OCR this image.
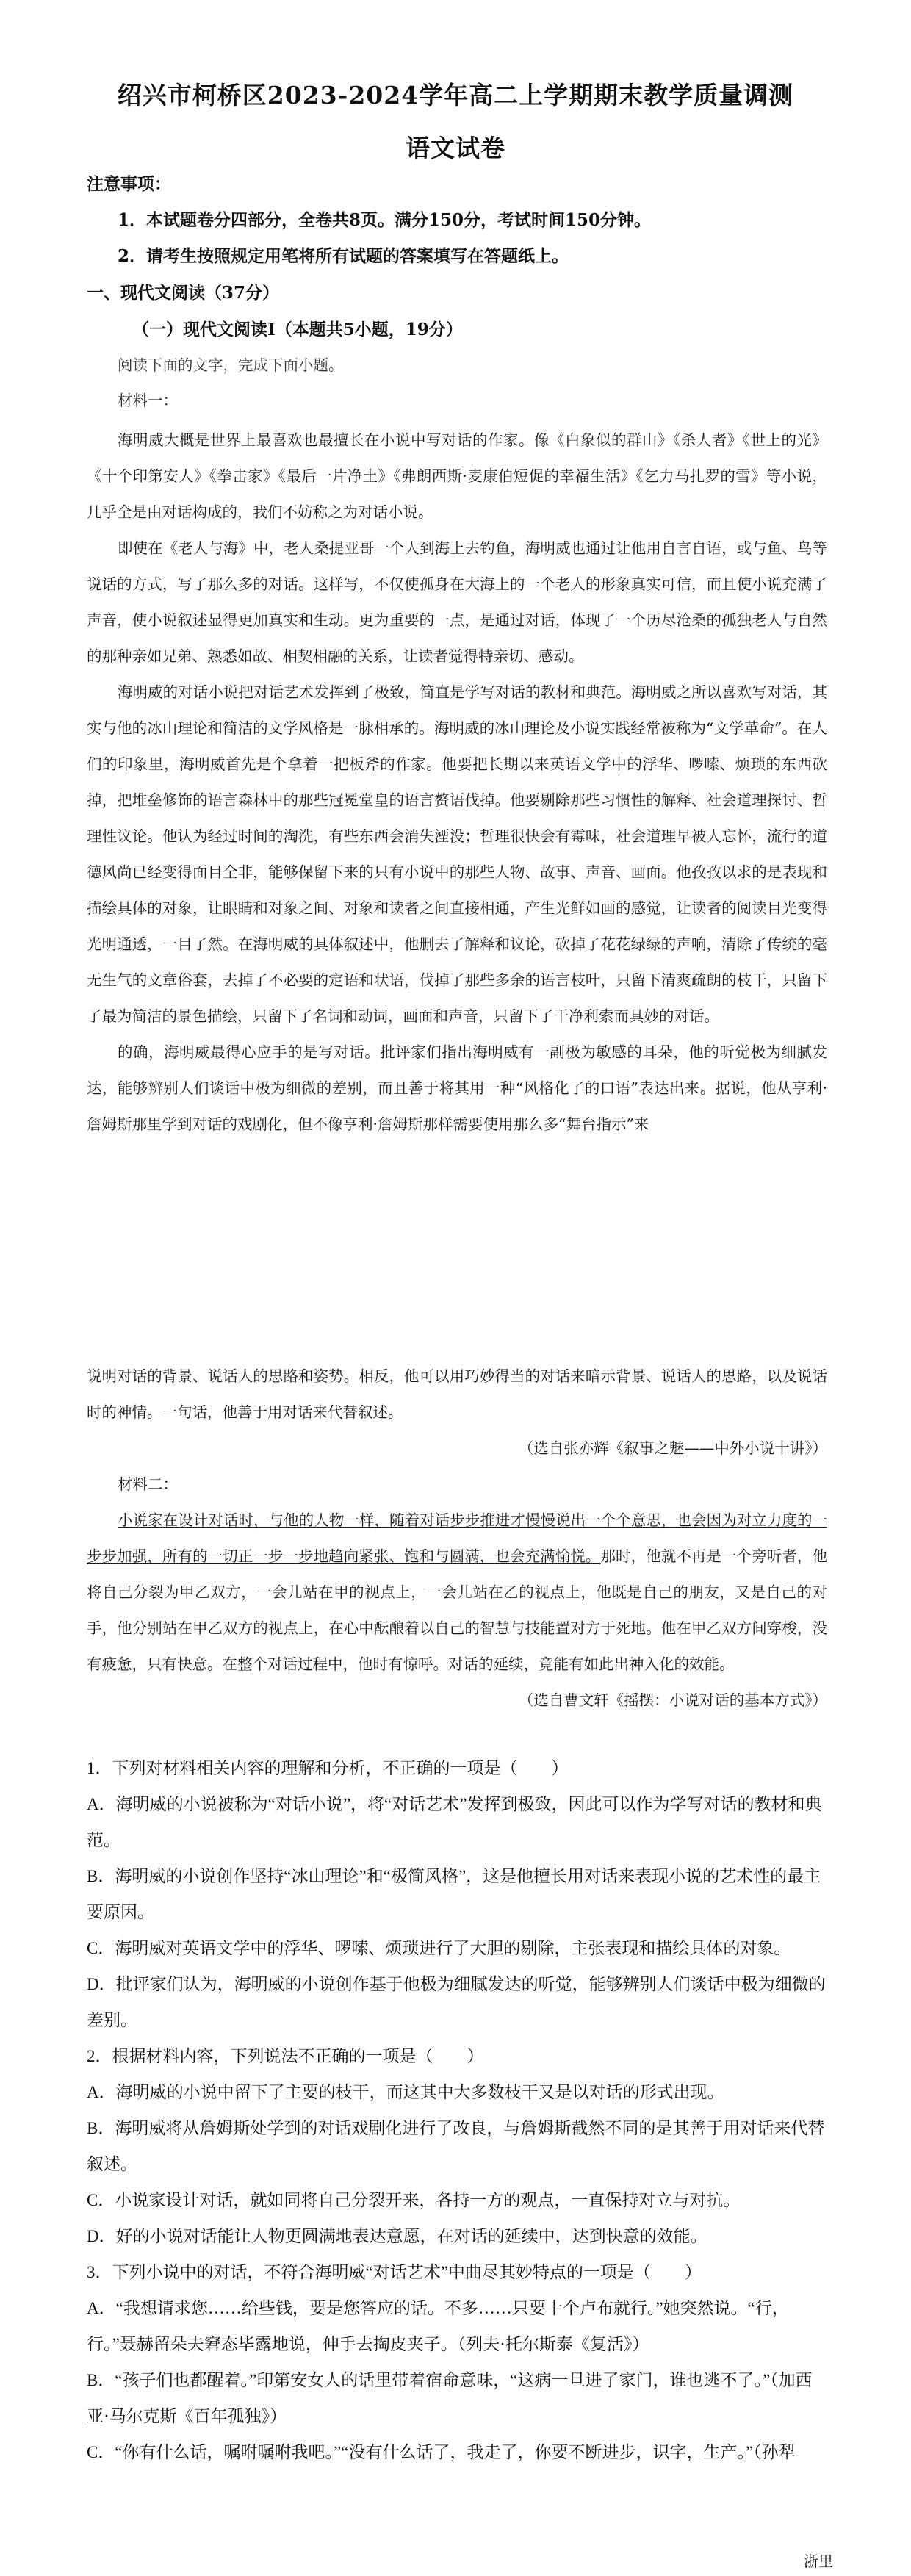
绍兴市柯桥区2023-2024学年高二上学期期末教学质量调测
语文试卷
注意事项：
1．本试题卷分四部分，全卷共8页。满分150分，考试时间150分钟。
2．请考生按照规定用笔将所有试题的答案填写在答题纸上。
一、现代文阅读（37分）
（一）现代文阅读Ⅰ（本题共5小题，19分）
阅读下面的文字，完成下面小题。
材料一：

海明威大概是世界上最喜欢也最擅长在小说中写对话的作家。像《白象似的群山》《杀人者》《世上的光》《十个印第安人》《拳击家》《最后一片净土》《弗朗西斯·麦康伯短促的幸福生活》《乞力马扎罗的雪》等小说，几乎全是由对话构成的，我们不妨称之为对话小说。

即使在《老人与海》中，老人桑提亚哥一个人到海上去钓鱼，海明威也通过让他用自言自语，或与鱼、鸟等说话的方式，写了那么多的对话。这样写，不仅使孤身在大海上的一个老人的形象真实可信，而且使小说充满了声音，使小说叙述显得更加真实和生动。更为重要的一点，是通过对话，体现了一个历尽沧桑的孤独老人与自然的那种亲如兄弟、熟悉如故、相契相融的关系，让读者觉得特亲切、感动。

海明威的对话小说把对话艺术发挥到了极致，简直是学写对话的教材和典范。海明威之所以喜欢写对话，其实与他的冰山理论和简洁的文学风格是一脉相承的。海明威的冰山理论及小说实践经常被称为“文学革命”。在人们的印象里，海明威首先是个拿着一把板斧的作家。他要把长期以来英语文学中的浮华、啰嗦、烦琐的东西砍掉，把堆垒修饰的语言森林中的那些冠冕堂皇的语言赘语伐掉。他要剔除那些习惯性的解释、社会道理探讨、哲理性议论。他认为经过时间的淘洗，有些东西会消失湮没；哲理很快会有霉味，社会道理早被人忘怀，流行的道德风尚已经变得面目全非，能够保留下来的只有小说中的那些人物、故事、声音、画面。他孜孜以求的是表现和描绘具体的对象，让眼睛和对象之间、对象和读者之间直接相通，产生光鲜如画的感觉，让读者的阅读目光变得光明通透，一目了然。在海明威的具体叙述中，他删去了解释和议论，砍掉了花花绿绿的声响，清除了传统的毫无生气的文章俗套，去掉了不必要的定语和状语，伐掉了那些多余的语言枝叶，只留下清爽疏朗的枝干，只留下了最为简洁的景色描绘，只留下了名词和动词，画面和声音，只留下了干净利索而具妙的对话。

的确，海明威最得心应手的是写对话。批评家们指出海明威有一副极为敏感的耳朵，他的听觉极为细腻发达，能够辨别人们谈话中极为细微的差别，而且善于将其用一种“风格化了的口语”表达出来。据说，他从亨利·詹姆斯那里学到对话的戏剧化，但不像亨利·詹姆斯那样需要使用那么多“舞台指示”来

说明对话的背景、说话人的思路和姿势。相反，他可以用巧妙得当的对话来暗示背景、说话人的思路，以及说话时的神情。一句话，他善于用对话来代替叙述。

（选自张亦辉《叙事之魅——中外小说十讲》）

材料二：

小说家在设计对话时，与他的人物一样，随着对话步步推进才慢慢说出一个个意思，也会因为对立力度的一步步加强，所有的一切正一步一步地趋向紧张、饱和与圆满，也会充满愉悦。那时，他就不再是一个旁听者，他将自己分裂为甲乙双方，一会儿站在甲的视点上，一会儿站在乙的视点上，他既是自己的朋友，又是自己的对手，他分别站在甲乙双方的视点上，在心中酝酿着以自己的智慧与技能置对方于死地。他在甲乙双方间穿梭，没有疲惫，只有快意。在整个对话过程中，他时有惊呼。对话的延续，竟能有如此出神入化的效能。

（选自曹文轩《摇摆：小说对话的基本方式》）

1．下列对材料相关内容的理解和分析，不正确的一项是（　　）

A．海明威的小说被称为“对话小说”，将“对话艺术”发挥到极致，因此可以作为学写对话的教材和典范。

B．海明威的小说创作坚持“冰山理论”和“极简风格”，这是他擅长用对话来表现小说的艺术性的最主要原因。

C．海明威对英语文学中的浮华、啰嗦、烦琐进行了大胆的剔除，主张表现和描绘具体的对象。

D．批评家们认为，海明威的小说创作基于他极为细腻发达的听觉，能够辨别人们谈话中极为细微的差别。

2．根据材料内容，下列说法不正确的一项是（　　）

A．海明威的小说中留下了主要的枝干，而这其中大多数枝干又是以对话的形式出现。

B．海明威将从詹姆斯处学到的对话戏剧化进行了改良，与詹姆斯截然不同的是其善于用对话来代替叙述。

C．小说家设计对话，就如同将自己分裂开来，各持一方的观点，一直保持对立与对抗。

D．好的小说对话能让人物更圆满地表达意愿，在对话的延续中，达到快意的效能。

3．下列小说中的对话，不符合海明威“对话艺术”中曲尽其妙特点的一项是（　　）

A．“我想请求您……给些钱，要是您答应的话。不多……只要十个卢布就行。”她突然说。“行，行。”聂赫留朵夫窘态毕露地说，伸手去掏皮夹子。（列夫·托尔斯泰《复活》）

B．“孩子们也都醒着。”印第安女人的话里带着宿命意味，“这病一旦进了家门，谁也逃不了。”（加西亚·马尔克斯《百年孤独》）

C．“你有什么话，嘱咐嘱咐我吧。”“没有什么话了，我走了，你要不断进步，识字，生产。”（孙犁

浙里
